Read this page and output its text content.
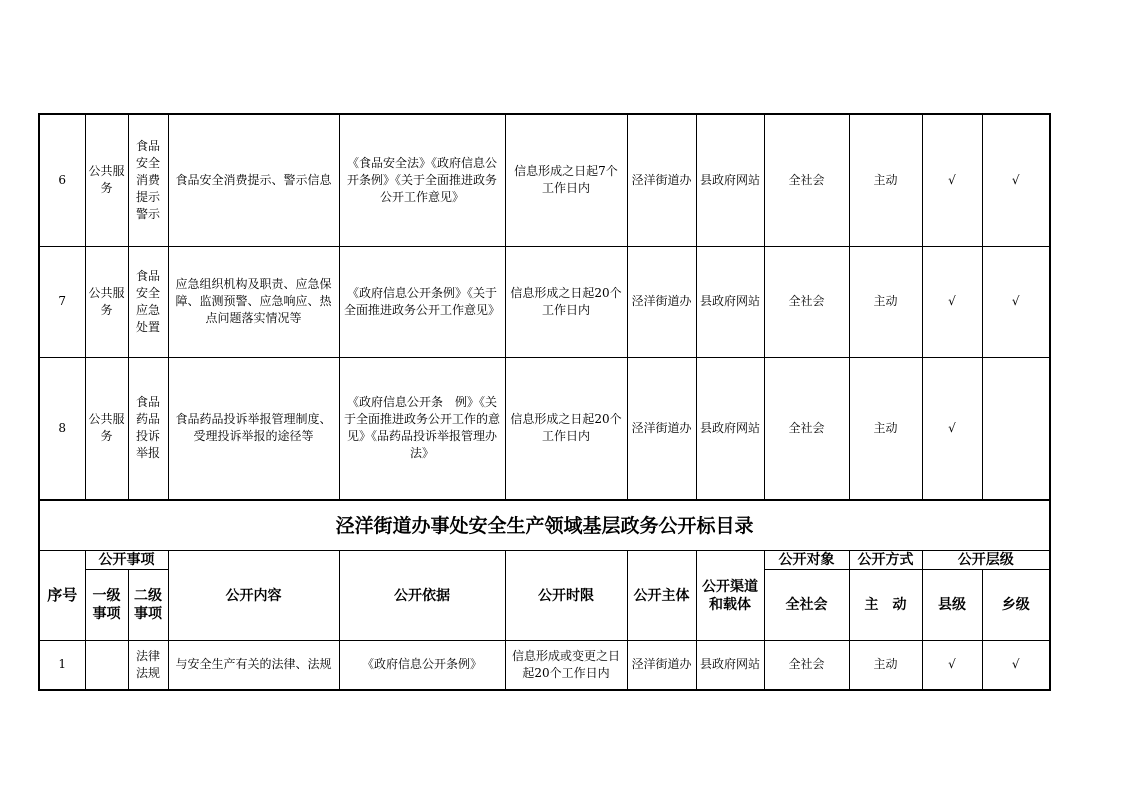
6	公共服务	食品安全消费提示警示	食品安全消费提示、警示信息	《食品安全法》《政府信息公开条例》《关于全面推进政务公开工作意见》	信息形成之日起7个工作日内	泾洋街道办	县政府网站	全社会	主动	√	√
7	公共服务	食品安全应急处置	应急组织机构及职责、应急保障、监测预警、应急响应、热点问题落实情况等	《政府信息公开条例》《关于全面推进政务公开工作意见》	信息形成之日起20个工作日内	泾洋街道办	县政府网站	全社会	主动	√	√
8	公共服务	食品药品投诉举报	食品药品投诉举报管理制度、受理投诉举报的途径等	《政府信息公开条　例》《关于全面推进政务公开工作的意见》《品药品投诉举报管理办法》	信息形成之日起20个工作日内	泾洋街道办	县政府网站	全社会	主动	√	
泾洋街道办事处安全生产领域基层政务公开标目录											
序号	公开事项		公开内容	公开依据	公开时限	公开主体	公开渠道和载体	公开对象	公开方式	公开层级	
	一级事项	二级事项						全社会	主　动	县级	乡级
1		法律法规	与安全生产有关的法律、法规	《政府信息公开条例》	信息形成或变更之日起20个工作日内	泾洋街道办	县政府网站	全社会	主动	√	√
